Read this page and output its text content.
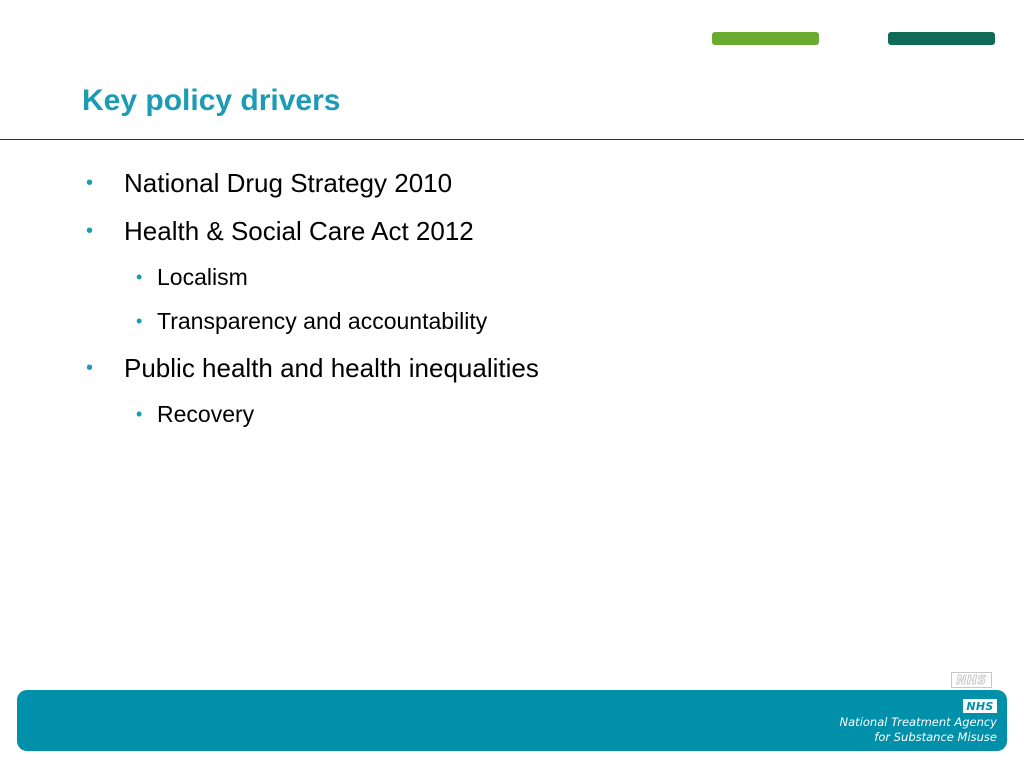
Key policy drivers
• National Drug Strategy 2010
• Health & Social Care Act 2012
• Localism
• Transparency and accountability
• Public health and health inequalities
• Recovery
NHS
NHS
National Treatment Agency
for Substance Misuse
